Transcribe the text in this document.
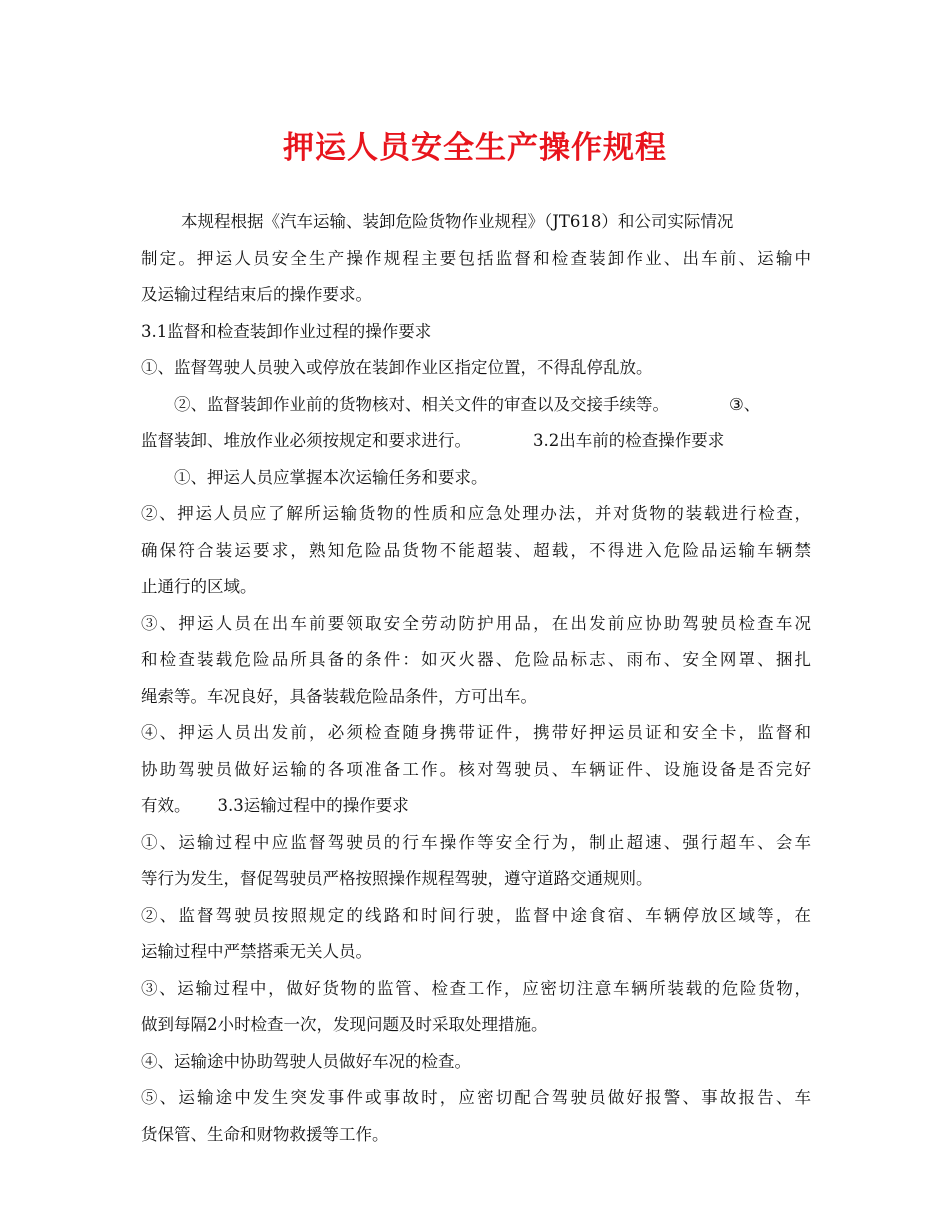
押运人员安全生产操作规程
本规程根据《汽车运输、装卸危险货物作业规程》（JT618）和公司实际情况
制定。押运人员安全生产操作规程主要包括监督和检查装卸作业、出车前、运输中
及运输过程结束后的操作要求。
3.1监督和检查装卸作业过程的操作要求
①、监督驾驶人员驶入或停放在装卸作业区指定位置，不得乱停乱放。
②、监督装卸作业前的货物核对、相关文件的审查以及交接手续等。	③、
监督装卸、堆放作业必须按规定和要求进行。	3.2出车前的检查操作要求
①、押运人员应掌握本次运输任务和要求。
②、押运人员应了解所运输货物的性质和应急处理办法，并对货物的装载进行检查，
确保符合装运要求，熟知危险品货物不能超装、超载，不得进入危险品运输车辆禁
止通行的区域。
③、押运人员在出车前要领取安全劳动防护用品，在出发前应协助驾驶员检查车况
和检查装载危险品所具备的条件：如灭火器、危险品标志、雨布、安全网罩、捆扎
绳索等。车况良好，具备装载危险品条件，方可出车。
④、押运人员出发前，必须检查随身携带证件，携带好押运员证和安全卡，监督和
协助驾驶员做好运输的各项准备工作。核对驾驶员、车辆证件、设施设备是否完好
有效。 3.3运输过程中的操作要求
①、运输过程中应监督驾驶员的行车操作等安全行为，制止超速、强行超车、会车
等行为发生，督促驾驶员严格按照操作规程驾驶，遵守道路交通规则。
②、监督驾驶员按照规定的线路和时间行驶，监督中途食宿、车辆停放区域等，在
运输过程中严禁搭乘无关人员。
③、运输过程中，做好货物的监管、检查工作，应密切注意车辆所装载的危险货物，
做到每隔2小时检查一次，发现问题及时采取处理措施。
④、运输途中协助驾驶人员做好车况的检查。
⑤、运输途中发生突发事件或事故时，应密切配合驾驶员做好报警、事故报告、车
货保管、生命和财物救援等工作。
